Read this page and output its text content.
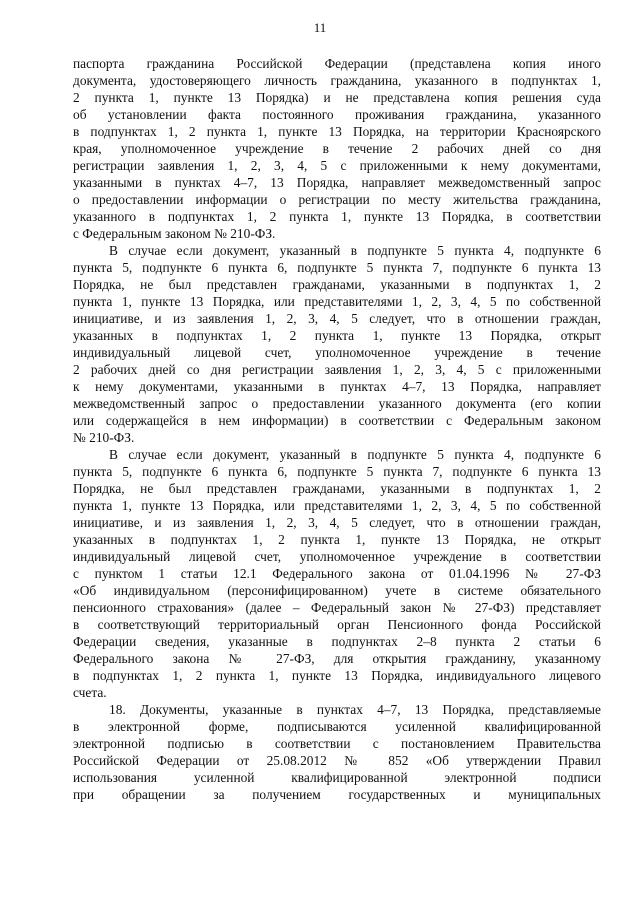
11
паспорта гражданина Российской Федерации (представлена копия иного
документа, удостоверяющего личность гражданина, указанного в подпунктах 1,
2 пункта 1, пункте 13 Порядка) и не представлена копия решения суда
об установлении факта постоянного проживания гражданина, указанного
в подпунктах 1, 2 пункта 1, пункте 13 Порядка, на территории Красноярского
края, уполномоченное учреждение в течение 2 рабочих дней со дня
регистрации заявления 1, 2, 3, 4, 5 с приложенными к нему документами,
указанными в пунктах 4–7, 13 Порядка, направляет межведомственный запрос
о предоставлении информации о регистрации по месту жительства гражданина,
указанного в подпунктах 1, 2 пункта 1, пункте 13 Порядка, в соответствии
с Федеральным законом № 210-ФЗ.
В случае если документ, указанный в подпункте 5 пункта 4, подпункте 6
пункта 5, подпункте 6 пункта 6, подпункте 5 пункта 7, подпункте 6 пункта 13
Порядка, не был представлен гражданами, указанными в подпунктах 1, 2
пункта 1, пункте 13 Порядка, или представителями 1, 2, 3, 4, 5 по собственной
инициативе, и из заявления 1, 2, 3, 4, 5 следует, что в отношении граждан,
указанных в подпунктах 1, 2 пункта 1, пункте 13 Порядка, открыт
индивидуальный лицевой счет, уполномоченное учреждение в течение
2 рабочих дней со дня регистрации заявления 1, 2, 3, 4, 5 с приложенными
к нему документами, указанными в пунктах 4–7, 13 Порядка, направляет
межведомственный запрос о предоставлении указанного документа (его копии
или содержащейся в нем информации) в соответствии с Федеральным законом
№ 210-ФЗ.
В случае если документ, указанный в подпункте 5 пункта 4, подпункте 6
пункта 5, подпункте 6 пункта 6, подпункте 5 пункта 7, подпункте 6 пункта 13
Порядка, не был представлен гражданами, указанными в подпунктах 1, 2
пункта 1, пункте 13 Порядка, или представителями 1, 2, 3, 4, 5 по собственной
инициативе, и из заявления 1, 2, 3, 4, 5 следует, что в отношении граждан,
указанных в подпунктах 1, 2 пункта 1, пункте 13 Порядка, не открыт
индивидуальный лицевой счет, уполномоченное учреждение в соответствии
с пунктом 1 статьи 12.1 Федерального закона от 01.04.1996 № 27-ФЗ
«Об индивидуальном (персонифицированном) учете в системе обязательного
пенсионного страхования» (далее – Федеральный закон № 27-ФЗ) представляет
в соответствующий территориальный орган Пенсионного фонда Российской
Федерации сведения, указанные в подпунктах 2–8 пункта 2 статьи 6
Федерального закона № 27-ФЗ, для открытия гражданину, указанному
в подпунктах 1, 2 пункта 1, пункте 13 Порядка, индивидуального лицевого
счета.
18. Документы, указанные в пунктах 4–7, 13 Порядка, представляемые
в электронной форме, подписываются усиленной квалифицированной
электронной подписью в соответствии с постановлением Правительства
Российской Федерации от 25.08.2012 № 852 «Об утверждении Правил
использования усиленной квалифицированной электронной подписи
при обращении за получением государственных и муниципальных
